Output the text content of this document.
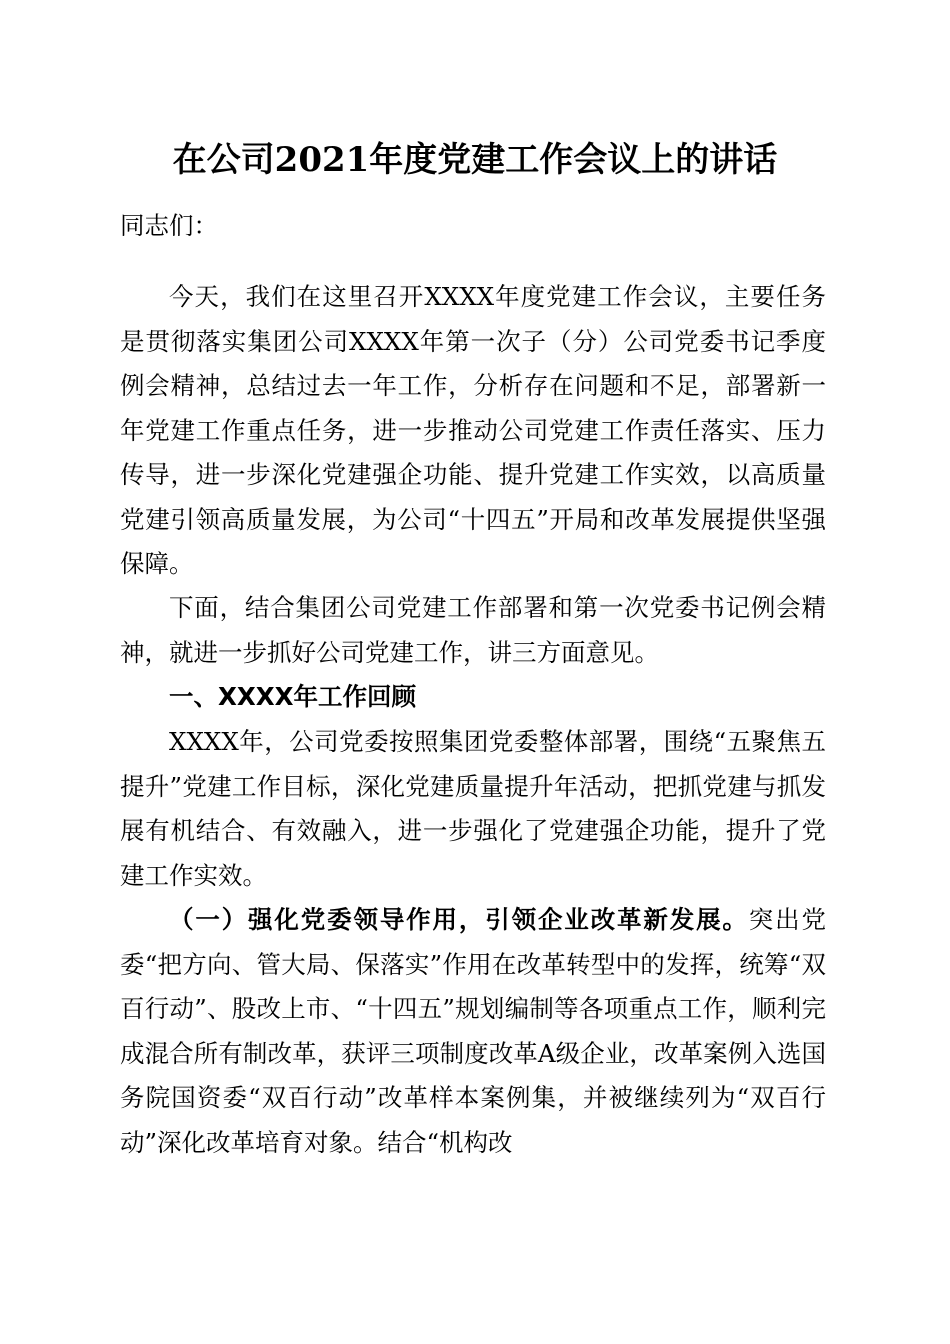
在公司2021年度党建工作会议上的讲话
同志们：

今天，我们在这里召开XXXX年度党建工作会议，主要任务是贯彻落实集团公司XXXX年第一次子（分）公司党委书记季度例会精神，总结过去一年工作，分析存在问题和不足，部署新一年党建工作重点任务，进一步推动公司党建工作责任落实、压力传导，进一步深化党建强企功能、提升党建工作实效，以高质量党建引领高质量发展，为公司“十四五”开局和改革发展提供坚强保障。

下面，结合集团公司党建工作部署和第一次党委书记例会精神，就进一步抓好公司党建工作，讲三方面意见。

一、XXXX年工作回顾

XXXX年，公司党委按照集团党委整体部署，围绕“五聚焦五提升”党建工作目标，深化党建质量提升年活动，把抓党建与抓发展有机结合、有效融入，进一步强化了党建强企功能，提升了党建工作实效。

（一）强化党委领导作用，引领企业改革新发展。突出党委“把方向、管大局、保落实”作用在改革转型中的发挥，统筹“双百行动”、股改上市、“十四五”规划编制等各项重点工作，顺利完成混合所有制改革，获评三项制度改革A级企业，改革案例入选国务院国资委“双百行动”改革样本案例集，并被继续列为“双百行动”深化改革培育对象。结合“机构改
